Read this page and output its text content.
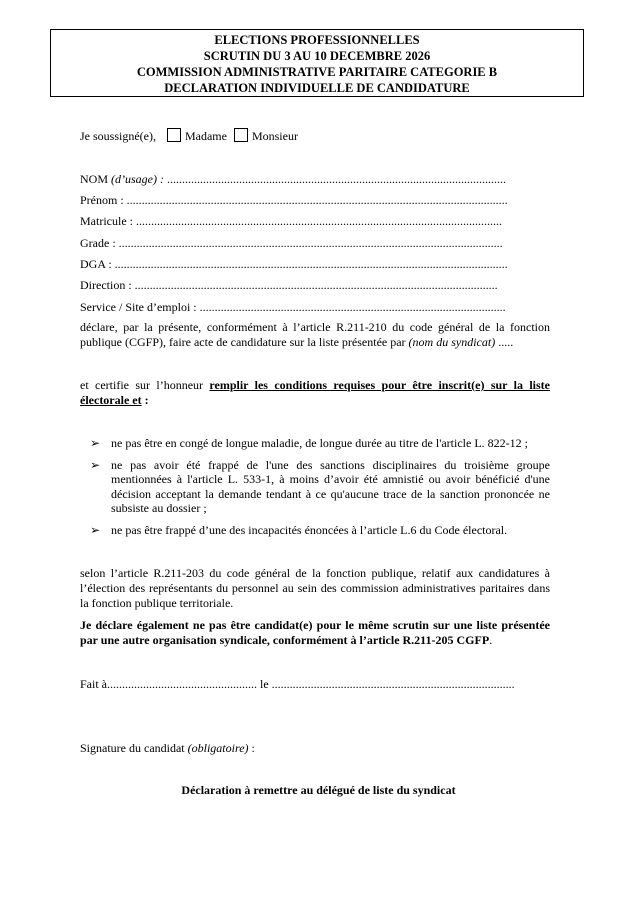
ELECTIONS PROFESSIONNELLES
SCRUTIN DU 3 AU 10 DECEMBRE 2026
COMMISSION ADMINISTRATIVE PARITAIRE CATEGORIE B
DECLARATION INDIVIDUELLE DE CANDIDATURE
Je soussigné(e), Madame Monsieur
NOM (d’usage) : .................................................................................................................
Prénom : ...............................................................................................................................
Matricule : ..........................................................................................................................
Grade : ................................................................................................................................
DGA : ...................................................................................................................................
Direction : .........................................................................................................................
Service / Site d’emploi : ......................................................................................................
déclare, par la présente, conformément à l’article R.211-210 du code général de la fonction publique (CGFP), faire acte de candidature sur la liste présentée par (nom du syndicat) .....
et certifie sur l’honneur remplir les conditions requises pour être inscrit(e) sur la liste électorale et :
➢ ne pas être en congé de longue maladie, de longue durée au titre de l'article L. 822-12 ;
➢ ne pas avoir été frappé de l'une des sanctions disciplinaires du troisième groupe mentionnées à l'article L. 533-1, à moins d’avoir été amnistié ou avoir bénéficié d'une décision acceptant la demande tendant à ce qu'aucune trace de la sanction prononcée ne subsiste au dossier ;
➢ ne pas être frappé d’une des incapacités énoncées à l’article L.6 du Code électoral.
selon l’article R.211-203 du code général de la fonction publique, relatif aux candidatures à l’élection des représentants du personnel au sein des commission administratives paritaires dans la fonction publique territoriale.
Je déclare également ne pas être candidat(e) pour le même scrutin sur une liste présentée par une autre organisation syndicale, conformément à l’article R.211-205 CGFP.
Fait à.................................................. le .................................................................................
Signature du candidat (obligatoire) :
Déclaration à remettre au délégué de liste du syndicat
